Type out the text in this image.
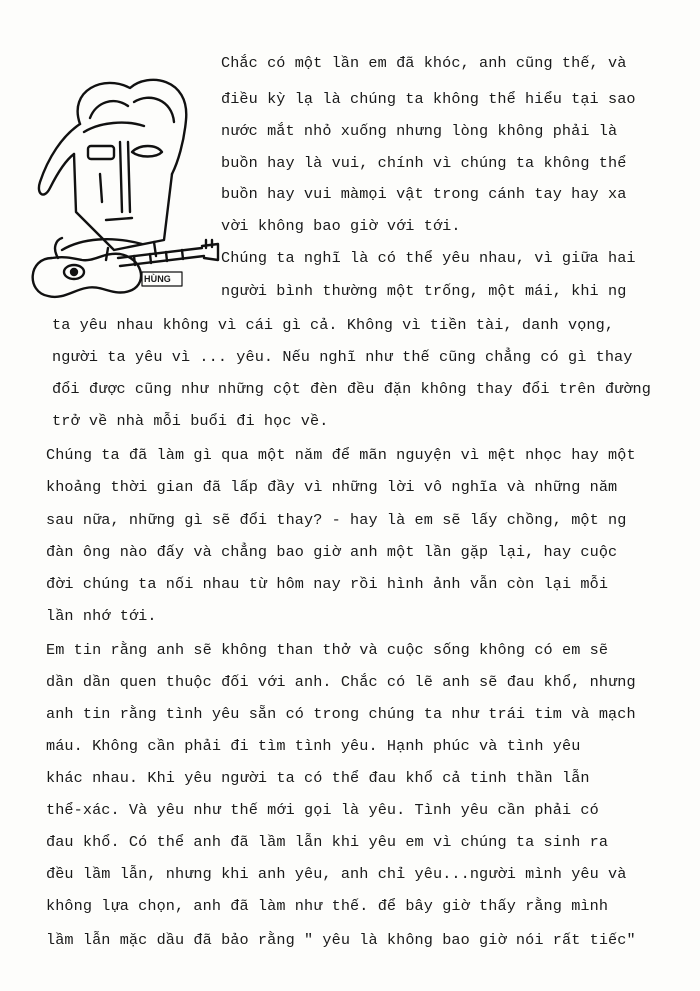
HÙNG
Chắc có một lần em đã khóc, anh cũng thế, và
điều kỳ lạ là chúng ta không thể hiểu tại sao
nước mắt nhỏ xuống nhưng lòng không phải là
buồn hay là vui, chính vì chúng ta không thể
buồn hay vui màmọi vật trong cánh tay hay xa
vời không bao giờ với tới.
Chúng ta nghĩ là có thể yêu nhau, vì giữa hai
người bình thường một trống, một mái, khi ng
ta yêu nhau không vì cái gì cả. Không vì tiền tài, danh vọng,
người ta yêu vì ... yêu. Nếu nghĩ như thế cũng chẳng có gì thay
đổi được cũng như những cột đèn đều đặn không thay đổi trên đường
trở về nhà mỗi buổi đi học về.
Chúng ta đã làm gì qua một năm để mãn nguyện vì mệt nhọc hay một
khoảng thời gian đã lấp đầy vì những lời vô nghĩa và những năm
sau nữa, những gì sẽ đổi thay? - hay là em sẽ lấy chồng, một ng
đàn ông nào đấy và chẳng bao giờ anh một lần gặp lại, hay cuộc
đời chúng ta nối nhau từ hôm nay rồi hình ảnh vẫn còn lại mỗi
lần nhớ tới.
Em tin rằng anh sẽ không than thở và cuộc sống không có em sẽ
dần dần quen thuộc đối với anh. Chắc có lẽ anh sẽ đau khổ, nhưng
anh tin rằng tình yêu sẵn có trong chúng ta như trái tim và mạch
máu. Không cần phải đi tìm tình yêu. Hạnh phúc và tình yêu
khác nhau. Khi yêu người ta có thể đau khổ cả tinh thần lẫn
thể-xác. Và yêu như thế mới gọi là yêu. Tình yêu cần phải có
đau khổ. Có thể anh đã lầm lẫn khi yêu em vì chúng ta sinh ra
đều lầm lẫn, nhưng khi anh yêu, anh chỉ yêu...người mình yêu và
không lựa chọn, anh đã làm như thế. để bây giờ thấy rằng mình
lầm lẫn mặc dầu đã bảo rằng " yêu là không bao giờ nói rất tiếc"
